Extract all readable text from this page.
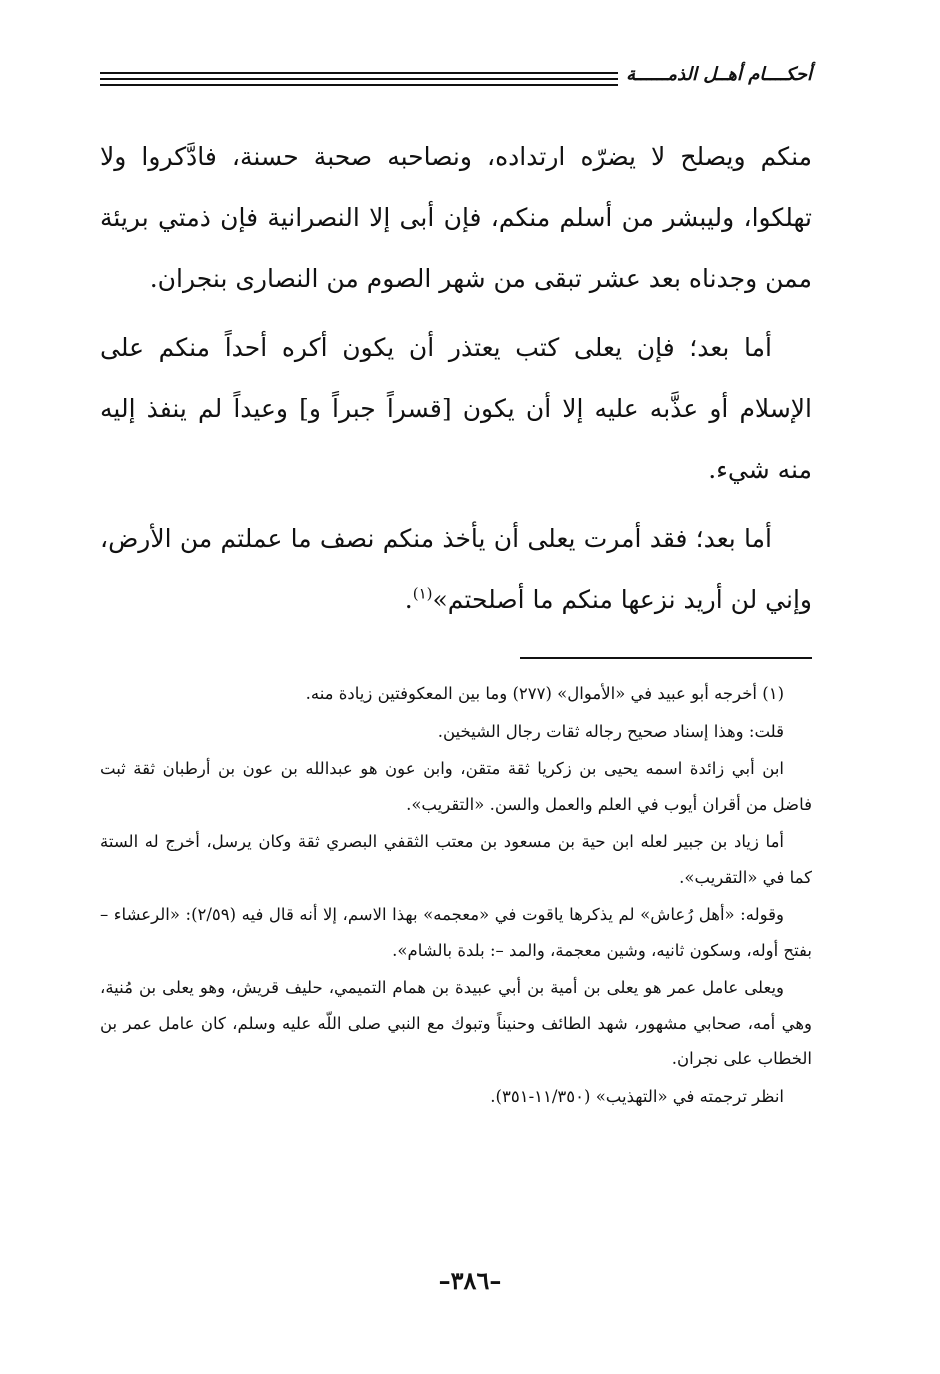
أحكــــام أهــل الذمــــــة

منكم ويصلح لا يضرّه ارتداده، ونصاحبه صحبة حسنة، فادَّكروا ولا تهلكوا، وليبشر من أسلم منكم، فإن أبى إلا النصرانية فإن ذمتي بريئة ممن وجدناه بعد عشر تبقى من شهر الصوم من النصارى بنجران.

أما بعد؛ فإن يعلى كتب يعتذر أن يكون أكره أحداً منكم على الإسلام أو عذَّبه عليه إلا أن يكون [قسراً جبراً و] وعيداً لم ينفذ إليه منه شيء.

أما بعد؛ فقد أمرت يعلى أن يأخذ منكم نصف ما عملتم من الأرض، وإني لن أريد نزعها منكم ما أصلحتم»$^{(١)}$.

(١) أخرجه أبو عبيد في «الأموال» (٢٧٧) وما بين المعكوفتين زيادة منه.

قلت: وهذا إسناد صحيح رجاله ثقات رجال الشيخين.

ابن أبي زائدة اسمه يحيى بن زكريا ثقة متقن، وابن عون هو عبدالله بن عون بن أرطبان ثقة ثبت فاضل من أقران أيوب في العلم والعمل والسن. «التقريب».

أما زياد بن جبير لعله ابن حية بن مسعود بن معتب الثقفي البصري ثقة وكان يرسل، أخرج له الستة كما في «التقريب».

وقوله: «أهل رُعاش» لم يذكرها ياقوت في «معجمه» بهذا الاسم، إلا أنه قال فيه (٢/٥٩): «الرعشاء – بفتح أوله، وسكون ثانيه، وشين معجمة، والمد –: بلدة بالشام».

ويعلى عامل عمر هو يعلى بن أمية بن أبي عبيدة بن همام التميمي، حليف قريش، وهو يعلى بن مُنية، وهي أمه، صحابي مشهور، شهد الطائف وحنيناً وتبوك مع النبي صلى اللّه عليه وسلم، كان عامل عمر بن الخطاب على نجران.

انظر ترجمته في «التهذيب» (١١/٣٥٠-٣٥١).

–٣٨٦–
